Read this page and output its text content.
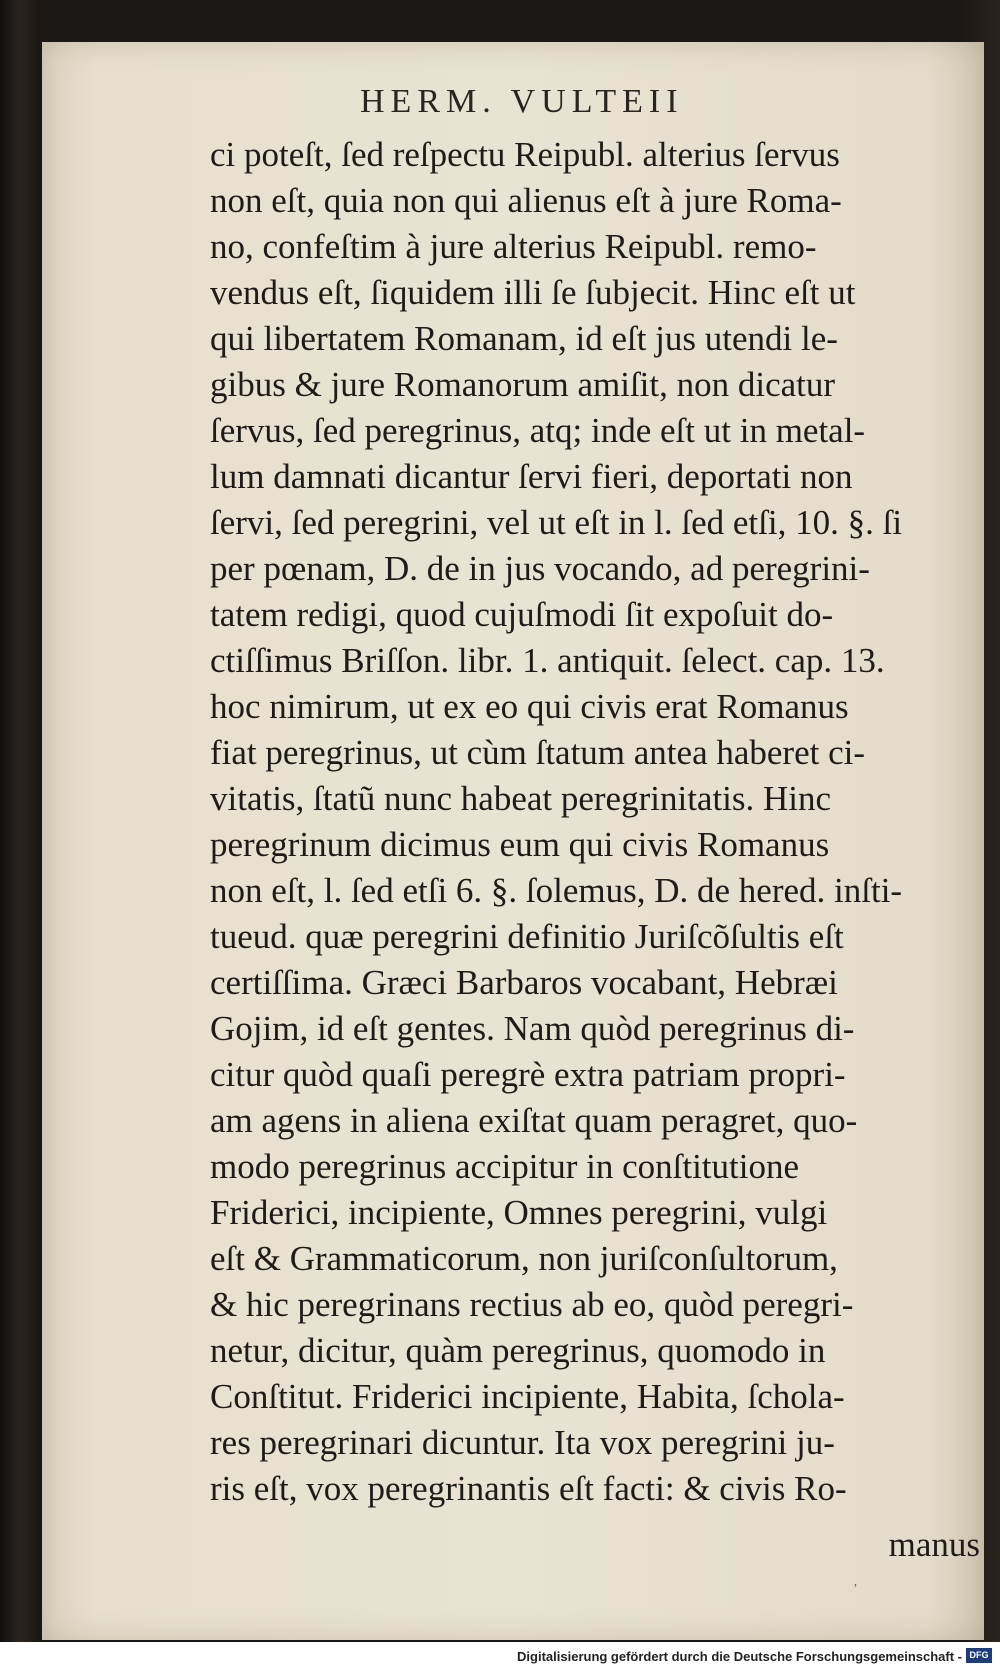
HERM. VULTEII
ci poteſt, ſed reſpectu Reipubl. alterius ſervus
non eſt, quia non qui alienus eſt à jure Roma-
no, confeſtim à jure alterius Reipubl. remo-
vendus eſt, ſiquidem illi ſe ſubjecit. Hinc eſt ut
qui libertatem Romanam, id eſt jus utendi le-
gibus & jure Romanorum amiſit, non dicatur
ſervus, ſed peregrinus, atq; inde eſt ut in metal-
lum damnati dicantur ſervi fieri, deportati non
ſervi, ſed peregrini, vel ut eſt in l. ſed etſi, 10. §. ſi
per pœnam, D. de in jus vocando, ad peregrini-
tatem redigi, quod cujuſmodi ſit expoſuit do-
ctiſſimus Briſſon. libr. 1. antiquit. ſelect. cap. 13.
hoc nimirum, ut ex eo qui civis erat Romanus
fiat peregrinus, ut cùm ſtatum antea haberet ci-
vitatis, ſtatũ nunc habeat peregrinitatis. Hinc
peregrinum dicimus eum qui civis Romanus
non eſt, l. ſed etſi 6. §. ſolemus, D. de hered. inſti-
tueud. quæ peregrini definitio Juriſcõſultis eſt
certiſſima. Græci Barbaros vocabant, Hebræi
Gojim, id eſt gentes. Nam quòd peregrinus di-
citur quòd quaſi peregrè extra patriam propri-
am agens in aliena exiſtat quam peragret, quo-
modo peregrinus accipitur in conſtitutione
Friderici, incipiente, Omnes peregrini, vulgi
eſt & Grammaticorum, non juriſconſultorum,
& hic peregrinans rectius ab eo, quòd peregri-
netur, dicitur, quàm peregrinus, quomodo in
Conſtitut. Friderici incipiente, Habita, ſchola-
res peregrinari dicuntur. Ita vox peregrini ju-
ris eſt, vox peregrinantis eſt facti: & civis Ro-
manus
,
Digitalisierung gefördert durch die Deutsche Forschungsgemeinschaft - DFG
